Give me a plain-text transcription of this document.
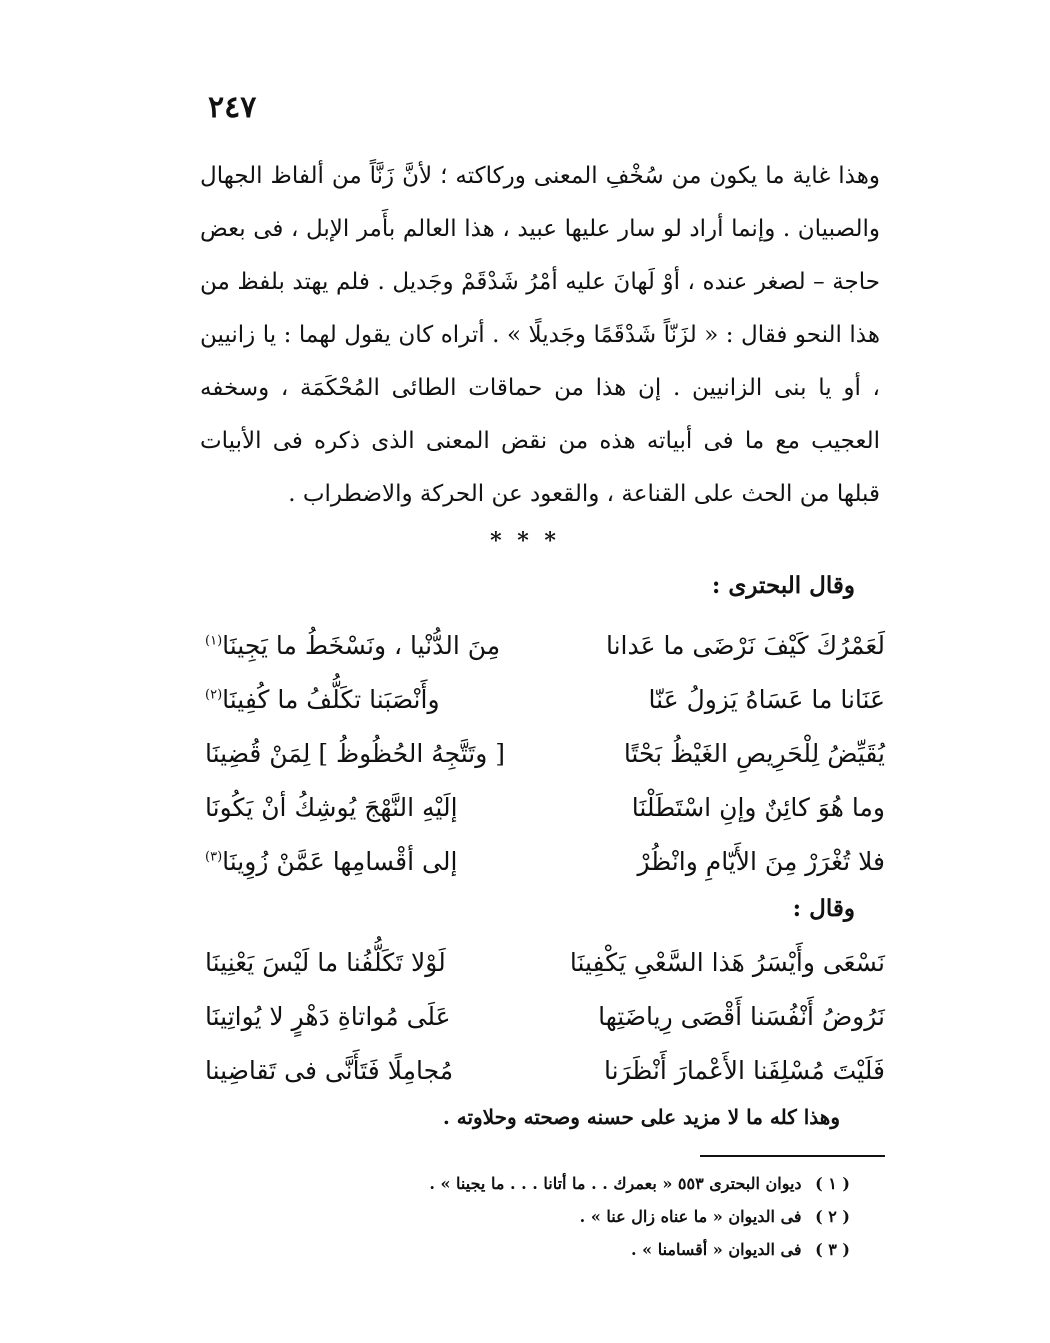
٢٤٧

وهذا غاية ما يكون من سُخْفِ المعنى وركاكته ؛ لأنَّ زَنَّاً من ألفاظ الجهال والصبيان . وإنما أراد لو سار عليها عبيد ، هذا العالم بأَمر الإبل ، فى بعض حاجة – لصغر عنده ، أوْ لَهانَ عليه أمْرُ شَدْقَمْ وجَديل . فلم يهتد بلفظ من هذا النحو فقال : « لزَنّاً شَدْقَمًا وجَديلًا » . أتراه كان يقول لهما : يا زانيين ، أو يا بنى الزانيين . إن هذا من حماقات الطائى المُحْكَمَة ، وسخفه العجيب مع ما فى أبياته هذه من نقض المعنى الذى ذكره فى الأبيات قبلها من الحث على القناعة ، والقعود عن الحركة والاضطراب .

* * *
وقال البحترى :
لَعَمْرُكَ كَيْفَ نَرْضَى ما عَدانا
مِنَ الدُّنْيا ، ونَسْخَطُ ما يَجِينَا$^{(١)}$
عَنَانا ما عَسَاهُ يَزولُ عَنّا
وأَنْصَبَنا تكَلُّفُ ما كُفِينَا$^{(٢)}$
يُقَيِّضُ لِلْحَرِيصِ الغَيْظُ بَحْتًا
[ وتَتَّجِهُ الحُظُوظُ ] لِمَنْ قُضِينَا
وما هُوَ كائِنٌ وإنِ اسْتَطَلْنَا
إلَيْهِ النَّهْجَ يُوشِكُ أنْ يَكُونَا
فلا تُغْرَرْ مِنَ الأَيّامِ وانْظُرْ
إلى أقْسامِها عَمَّنْ زُوِينَا$^{(٣)}$
وقال :
نَسْعَى وأَيْسَرُ هَذا السَّعْىِ يَكْفِينَا
لَوْلا تَكَلُّفُنا ما لَيْسَ يَعْنِينَا
نَرُوضُ أَنْفُسَنا أَقْصَى رِياضَتِها
عَلَى مُواتاةِ دَهْرٍ لا يُواتِينَا
فَلَيْتَ مُسْلِفَنا الأَعْمارَ أَنْظَرَنا
مُجامِلًا فَتَأَنَّى فى تَقاضِينا
وهذا كله ما لا مزيد على حسنه وصحته وحلاوته .
( ١ ) ديوان البحترى ٥٥٣ « بعمرك . . ما أتانا . . . ما يجينا » .
( ٢ ) فى الديوان « ما عناه زال عنا » .
( ٣ ) فى الديوان « أقسامنا » .
